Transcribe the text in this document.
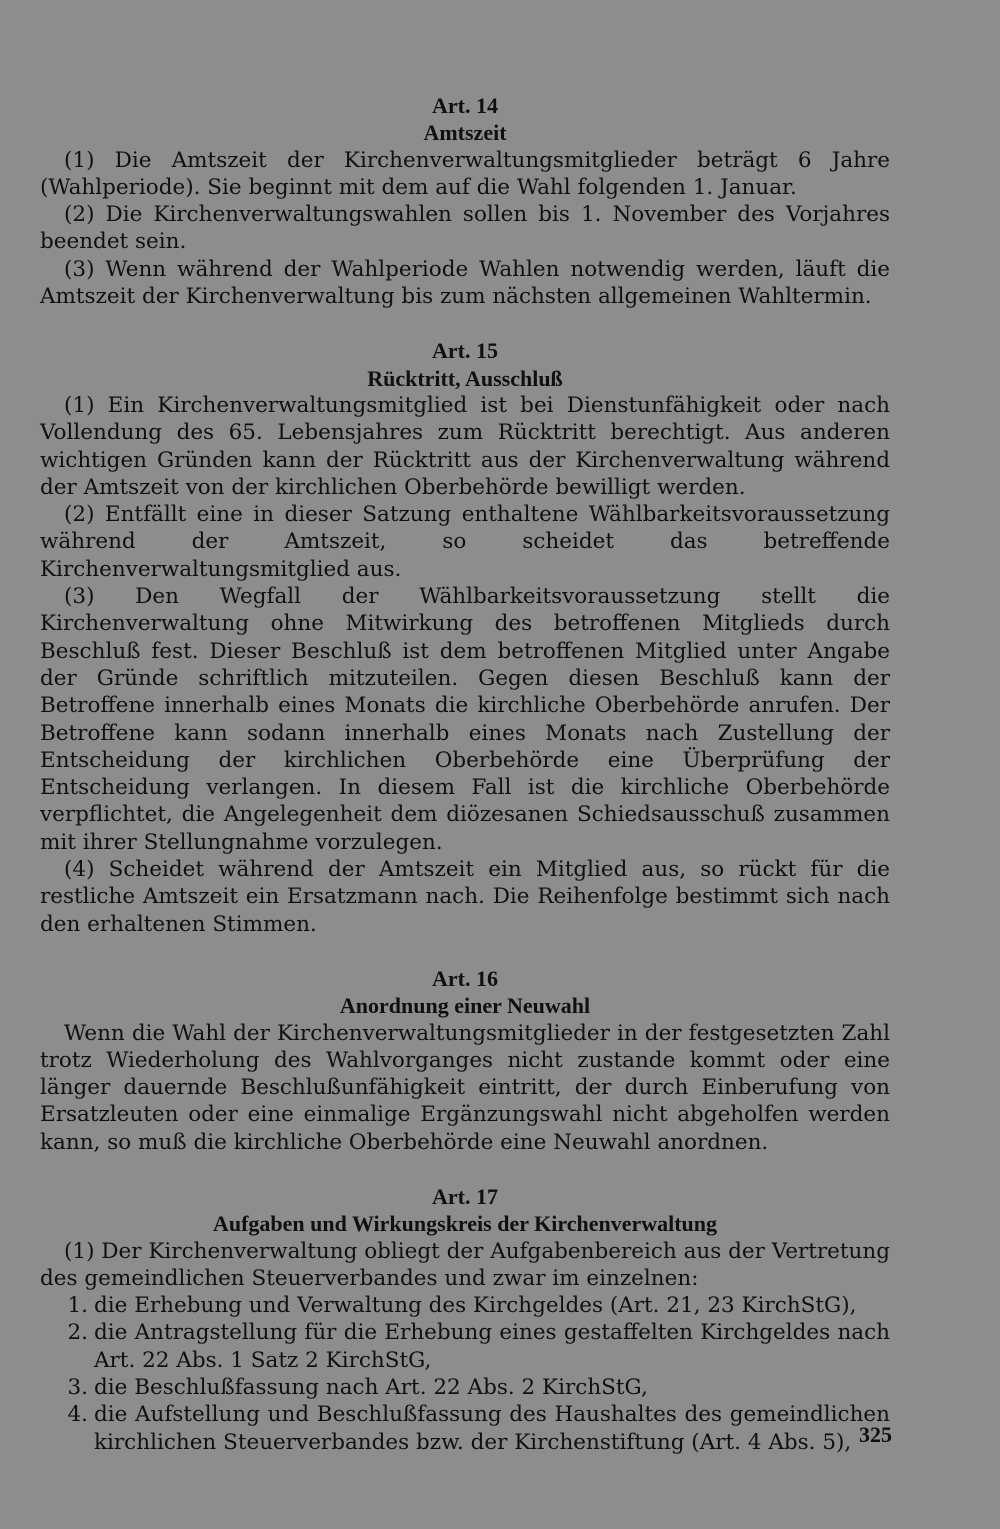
Art. 14
Amtszeit

(1) Die Amtszeit der Kirchenverwaltungsmitglieder beträgt 6 Jahre (Wahlperiode). Sie beginnt mit dem auf die Wahl folgenden 1. Januar.

(2) Die Kirchenverwaltungswahlen sollen bis 1. November des Vorjahres beendet sein.

(3) Wenn während der Wahlperiode Wahlen notwendig werden, läuft die Amtszeit der Kirchenverwaltung bis zum nächsten allgemeinen Wahltermin.

Art. 15
Rücktritt, Ausschluß

(1) Ein Kirchenverwaltungsmitglied ist bei Dienstunfähigkeit oder nach Vollendung des 65. Lebensjahres zum Rücktritt berechtigt. Aus anderen wichtigen Gründen kann der Rücktritt aus der Kirchenverwaltung während der Amtszeit von der kirchlichen Oberbehörde bewilligt werden.

(2) Entfällt eine in dieser Satzung enthaltene Wählbarkeitsvoraussetzung während der Amtszeit, so scheidet das betreffende Kirchenverwaltungsmitglied aus.

(3) Den Wegfall der Wählbarkeitsvoraussetzung stellt die Kirchenverwaltung ohne Mitwirkung des betroffenen Mitglieds durch Beschluß fest. Dieser Beschluß ist dem betroffenen Mitglied unter Angabe der Gründe schriftlich mitzuteilen. Gegen diesen Beschluß kann der Betroffene innerhalb eines Monats die kirchliche Oberbehörde anrufen. Der Betroffene kann sodann innerhalb eines Monats nach Zustellung der Entscheidung der kirchlichen Oberbehörde eine Überprüfung der Entscheidung verlangen. In diesem Fall ist die kirchliche Oberbehörde verpflichtet, die Angelegenheit dem diözesanen Schiedsausschuß zusammen mit ihrer Stellungnahme vorzulegen.

(4) Scheidet während der Amtszeit ein Mitglied aus, so rückt für die restliche Amtszeit ein Ersatzmann nach. Die Reihenfolge bestimmt sich nach den erhaltenen Stimmen.

Art. 16
Anordnung einer Neuwahl

Wenn die Wahl der Kirchenverwaltungsmitglieder in der festgesetzten Zahl trotz Wiederholung des Wahlvorganges nicht zustande kommt oder eine länger dauernde Beschlußunfähigkeit eintritt, der durch Einberufung von Ersatzleuten oder eine einmalige Ergänzungswahl nicht abgeholfen werden kann, so muß die kirchliche Oberbehörde eine Neuwahl anordnen.

Art. 17
Aufgaben und Wirkungskreis der Kirchenverwaltung

(1) Der Kirchenverwaltung obliegt der Aufgabenbereich aus der Vertretung des gemeindlichen Steuerverbandes und zwar im einzelnen:

1. die Erhebung und Verwaltung des Kirchgeldes (Art. 21, 23 KirchStG),
2. die Antragstellung für die Erhebung eines gestaffelten Kirchgeldes nach Art. 22 Abs. 1 Satz 2 KirchStG,
3. die Beschlußfassung nach Art. 22 Abs. 2 KirchStG,
4. die Aufstellung und Beschlußfassung des Haushaltes des gemeindlichen kirchlichen Steuerverbandes bzw. der Kirchenstiftung (Art. 4 Abs. 5), 325
